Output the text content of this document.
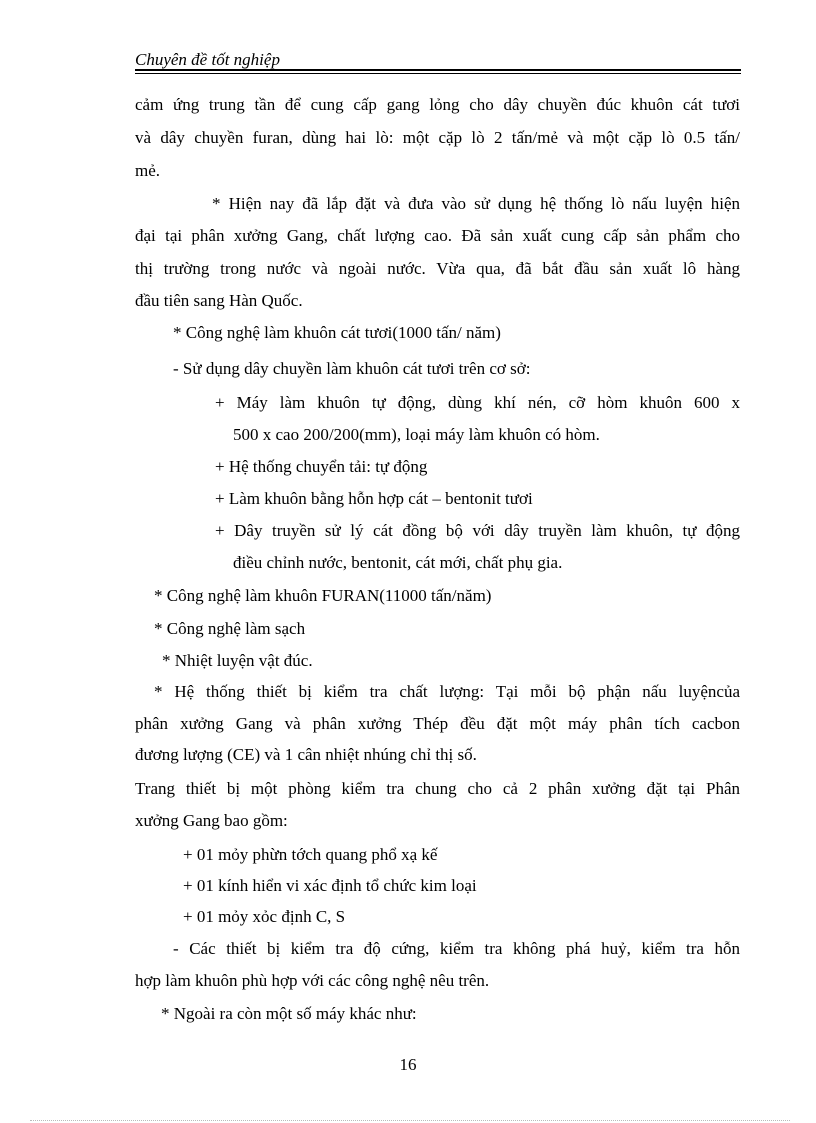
Chuyên đề tốt nghiệp
cảm ứng trung tần để cung cấp gang lỏng cho dây chuyền đúc khuôn cát tươi
và dây chuyền furan, dùng hai lò: một cặp lò 2 tấn/mẻ và một cặp lò 0.5 tấn/
mẻ.
* Hiện nay đã lắp đặt và đưa vào sử dụng hệ thống lò nấu luyện hiện
đại tại phân xưởng Gang, chất lượng cao. Đã sản xuất cung cấp sản phẩm cho
thị trường trong nước và ngoài nước. Vừa qua, đã bắt đầu sản xuất lô hàng
đầu tiên sang Hàn Quốc.
* Công nghệ làm khuôn cát tươi(1000 tấn/ năm)
- Sử dụng dây chuyền làm khuôn cát tươi trên cơ sở:
+ Máy làm khuôn tự động, dùng khí nén, cỡ hòm khuôn 600 x
500 x cao 200/200(mm), loại máy làm khuôn có hòm.
+ Hệ thống chuyển tải: tự động
+ Làm khuôn bằng hỗn hợp cát – bentonit tươi
+ Dây truyền sử lý cát đồng bộ với dây truyền làm khuôn, tự động
điều chỉnh nước, bentonit, cát mới, chất phụ gia.
* Công nghệ làm khuôn FURAN(11000 tấn/năm)
* Công nghệ làm sạch
* Nhiệt luyện vật đúc.
* Hệ thống thiết bị kiểm tra chất lượng: Tại mỗi bộ phận nấu luyệncủa
phân xưởng Gang và phân xưởng Thép đều đặt một máy phân tích cacbon
đương lượng (CE) và 1 cân nhiệt nhúng chỉ thị số.
Trang thiết bị một phòng kiểm tra chung cho cả 2 phân xưởng đặt tại Phân
xưởng Gang bao gồm:
+ 01 mỏy phừn tớch quang phổ xạ kế
+ 01 kính hiển vi xác định tổ chức kim loại
+ 01 mỏy xỏc định C, S
- Các thiết bị kiểm tra độ cứng, kiểm tra không phá huỷ, kiểm tra hỗn
hợp làm khuôn phù hợp với các công nghệ nêu trên.
* Ngoài ra còn một số máy khác như:
16
